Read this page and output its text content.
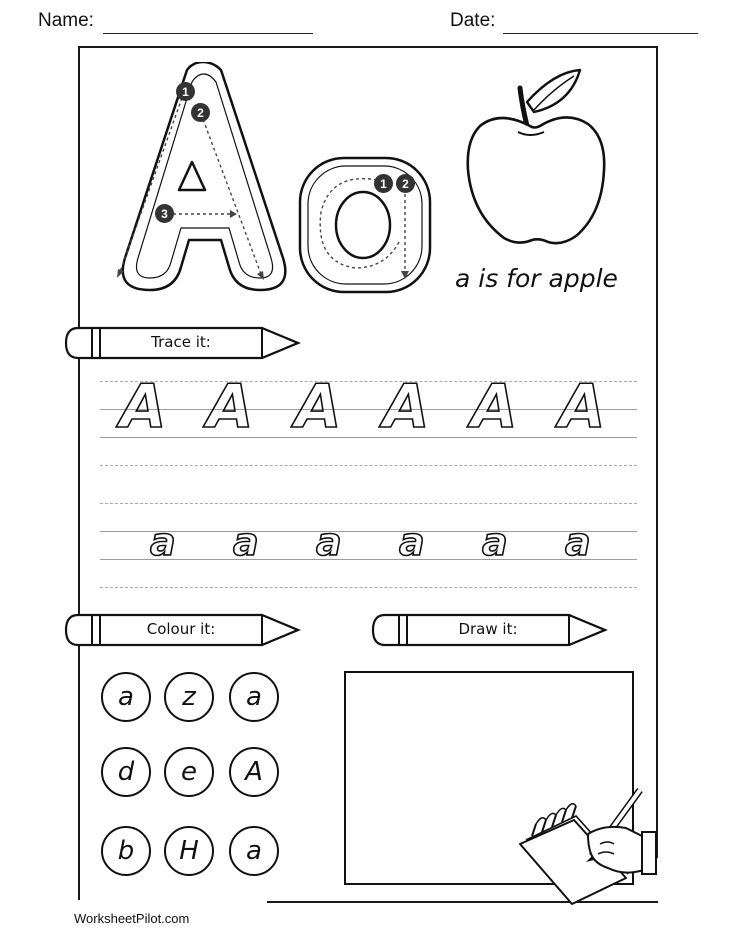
Name:	Date:
1
2
3
1	2
a is for apple
Trace it:
A A A A A A
a a a a a a
Colour it:	Draw it:
a	z	a
d	e	A
b	H	a
WorksheetPilot.com
